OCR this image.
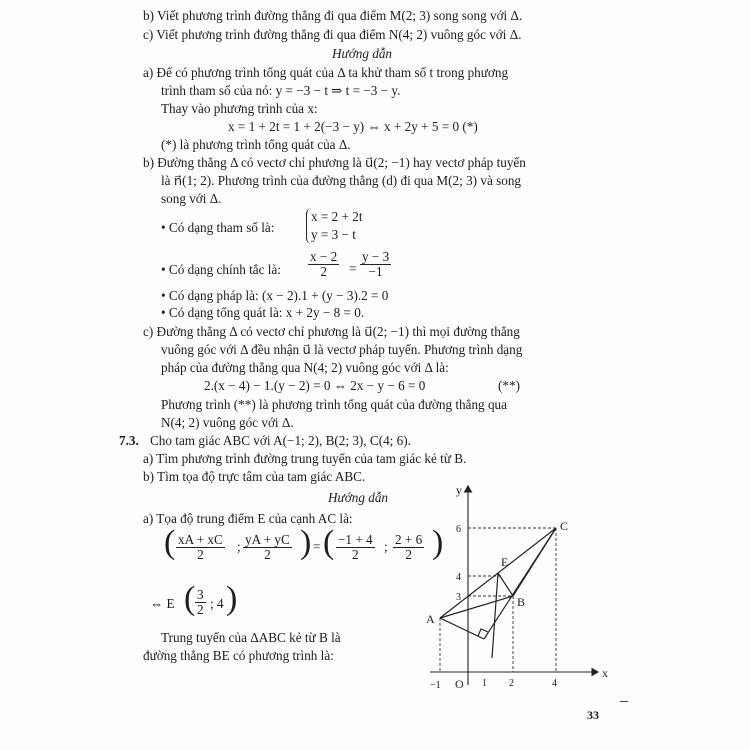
b) Viết phương trình đường thẳng đi qua điểm M(2; 3) song song với Δ.
c) Viết phương trình đường thẳng đi qua điểm N(4; 2) vuông góc với Δ.
Hướng dẫn
a) Để có phương trình tổng quát của Δ ta khử tham số t trong phương
trình tham số của nó: y = −3 − t ⇒ t = −3 − y.
Thay vào phương trình của x:
x = 1 + 2t = 1 + 2(−3 − y) ⇔ x + 2y + 5 = 0 (*)
(*) là phương trình tổng quát của Δ.
b) Đường thẳng Δ có vectơ chỉ phương là u⃗(2; −1) hay vectơ pháp tuyến
là n⃗(1; 2). Phương trình của đường thẳng (d) đi qua M(2; 3) và song
song với Δ.
• Có dạng tham số là:
x = 2 + 2t
y = 3 − t
• Có dạng chính tắc là: $\frac{x - 2}{2} = \frac{y - 3}{-1}$
• Có dạng pháp là: (x − 2).1 + (y − 3).2 = 0
• Có dạng tổng quát là: x + 2y − 8 = 0.
c) Đường thẳng Δ có vectơ chỉ phương là u⃗(2; −1) thì mọi đường thẳng
vuông góc với Δ đều nhận u⃗ là vectơ pháp tuyến. Phương trình dạng
pháp của đường thẳng qua N(4; 2) vuông góc với Δ là:
2.(x − 4) − 1.(y − 2) = 0 ⇔ 2x − y − 6 = 0	(**)
Phương trình (**) là phương trình tổng quát của đường thẳng qua
N(4; 2) vuông góc với Δ.
7.3. Cho tam giác ABC với A(−1; 2), B(2; 3), C(4; 6).
a) Tìm phương trình đường trung tuyến của tam giác kẻ từ B.
b) Tìm tọa độ trực tâm của tam giác ABC.
Hướng dẫn
a) Tọa độ trung điểm E của cạnh AC là:
( $\frac{xA + xC}{2}$ ; $\frac{yA + yC}{2}$ ) = ( $\frac{-1 + 4}{2}$ ; $\frac{2 + 6}{2}$ )
⇔ E ( $\frac{3}{2}$ ; 4 )
Trung tuyến của ΔABC kẻ từ B là
đường thẳng BE có phương trình là:
33
x
y
O
−1	1 2	4
6
4
3
A
B
C
E
